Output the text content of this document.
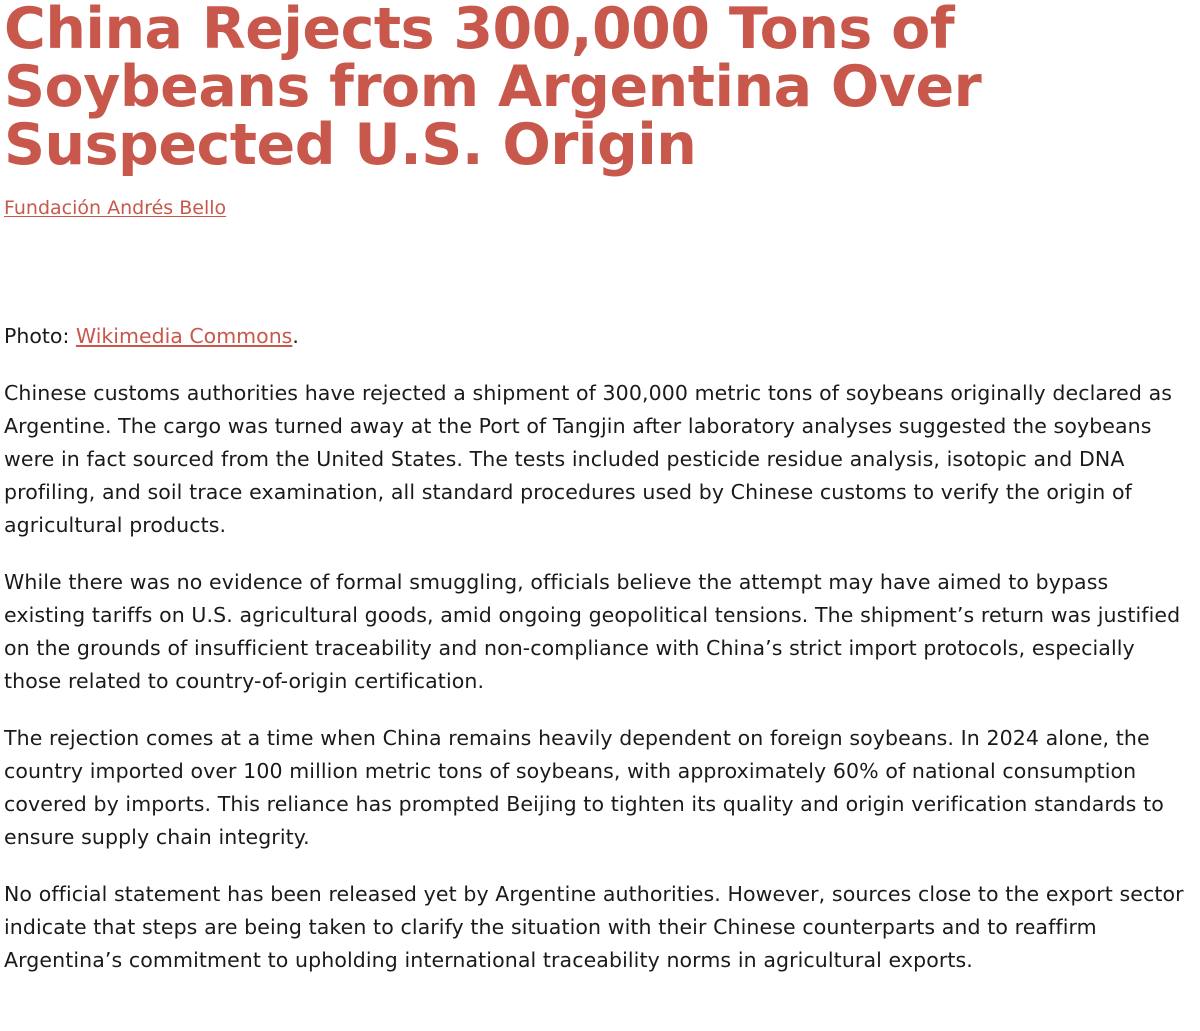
China Rejects 300,000 Tons of Soybeans from Argentina Over Suspected U.S. Origin
Fundación Andrés Bello
Photo: Wikimedia Commons.

Chinese customs authorities have rejected a shipment of 300,000 metric tons of soybeans originally declared as Argentine. The cargo was turned away at the Port of Tangjin after laboratory analyses suggested the soybeans were in fact sourced from the United States. The tests included pesticide residue analysis, isotopic and DNA profiling, and soil trace examination, all standard procedures used by Chinese customs to verify the origin of agricultural products.

While there was no evidence of formal smuggling, officials believe the attempt may have aimed to bypass existing tariffs on U.S. agricultural goods, amid ongoing geopolitical tensions. The shipment’s return was justified on the grounds of insufficient traceability and non-compliance with China’s strict import protocols, especially those related to country-of-origin certification.

The rejection comes at a time when China remains heavily dependent on foreign soybeans. In 2024 alone, the country imported over 100 million metric tons of soybeans, with approximately 60% of national consumption covered by imports. This reliance has prompted Beijing to tighten its quality and origin verification standards to ensure supply chain integrity.

No official statement has been released yet by Argentine authorities. However, sources close to the export sector indicate that steps are being taken to clarify the situation with their Chinese counterparts and to reaffirm Argentina’s commitment to upholding international traceability norms in agricultural exports.
